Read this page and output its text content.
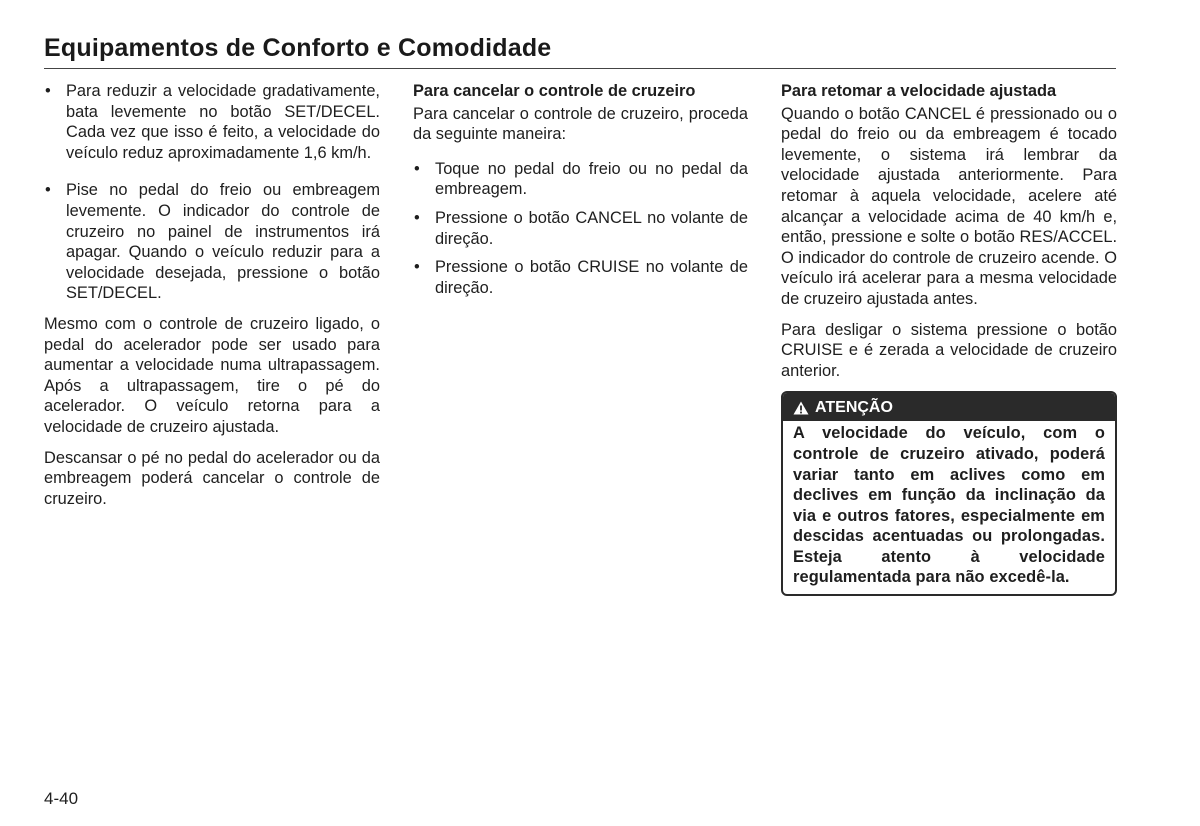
Equipamentos de Conforto e Comodidade
• Para reduzir a velocidade gradativamente, bata levemente no botão SET/DECEL. Cada vez que isso é feito, a velocidade do veículo reduz aproximadamente 1,6 km/h.
• Pise no pedal do freio ou embreagem levemente. O indicador do controle de cruzeiro no painel de instrumentos irá apagar. Quando o veículo reduzir para a velocidade desejada, pressione o botão SET/DECEL.

Mesmo com o controle de cruzeiro ligado, o pedal do acelerador pode ser usado para aumentar a velocidade numa ultrapassagem. Após a ultrapassagem, tire o pé do acelerador. O veículo retorna para a velocidade de cruzeiro ajustada.

Descansar o pé no pedal do acelerador ou da embreagem poderá cancelar o controle de cruzeiro.

Para cancelar o controle de cruzeiro

Para cancelar o controle de cruzeiro, proceda da seguinte maneira:

• Toque no pedal do freio ou no pedal da embreagem.
• Pressione o botão CANCEL no volante de direção.
• Pressione o botão CRUISE no volante de direção.

Para retomar a velocidade ajustada

Quando o botão CANCEL é pressionado ou o pedal do freio ou da embreagem é tocado levemente, o sistema irá lembrar da velocidade ajustada anteriormente. Para retomar à aquela velocidade, acelere até alcançar a velocidade acima de 40 km/h e, então, pressione e solte o botão RES/ACCEL. O indicador do controle de cruzeiro acende. O veículo irá acelerar para a mesma velocidade de cruzeiro ajustada antes.

Para desligar o sistema pressione o botão CRUISE e é zerada a velocidade de cruzeiro anterior.

ATENÇÃO
A velocidade do veículo, com o controle de cruzeiro ativado, poderá variar tanto em aclives como em declives em função da inclinação da via e outros fatores, especialmente em descidas acentuadas ou prolongadas. Esteja atento à velocidade regulamentada para não excedê-la.
4-40
